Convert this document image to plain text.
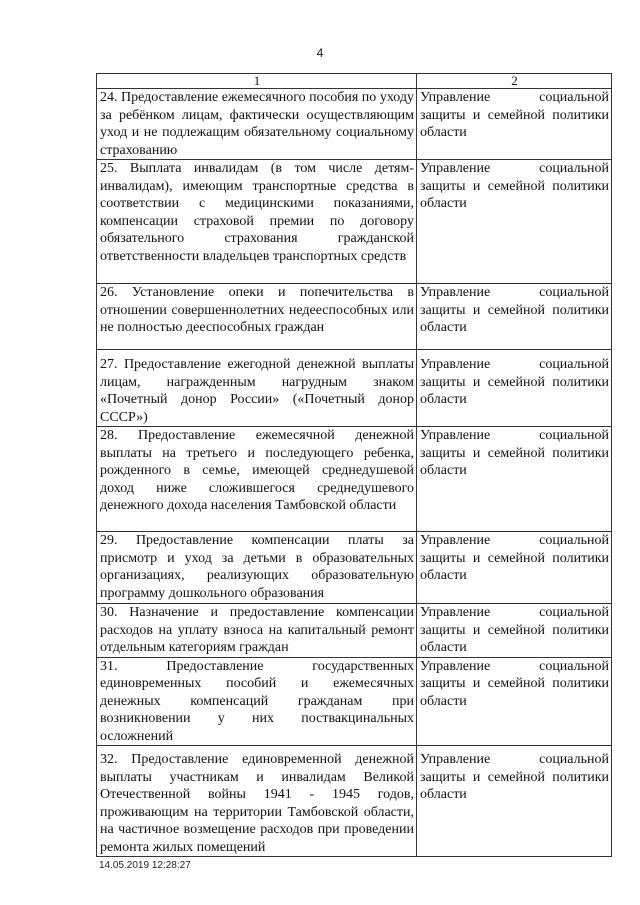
4
1	2
24. Предоставление ежемесячного пособия по уходу за ребёнком лицам, фактически осуществляющим уход и не подлежащим обязательному социальному страхованию	Управление социальной защиты и семейной политики области
25. Выплата инвалидам (в том числе детям-инвалидам), имеющим транспортные средства в соответствии с медицинскими показаниями, компенсации страховой премии по договору обязательного страхования гражданской ответственности владельцев транспортных средств	Управление социальной защиты и семейной политики области
26. Установление опеки и попечительства в отношении совершеннолетних недееспособных или не полностью дееспособных граждан	Управление социальной защиты и семейной политики области
27. Предоставление ежегодной денежной выплаты лицам, награжденным нагрудным знаком «Почетный донор России» («Почетный донор СССР»)	Управление социальной защиты и семейной политики области
28. Предоставление ежемесячной денежной выплаты на третьего и последующего ребенка, рожденного в семье, имеющей среднедушевой доход ниже сложившегося среднедушевого денежного дохода населения Тамбовской области	Управление социальной защиты и семейной политики области
29. Предоставление компенсации платы за присмотр и уход за детьми в образовательных организациях, реализующих образовательную программу дошкольного образования	Управление социальной защиты и семейной политики области
30. Назначение и предоставление компенсации расходов на уплату взноса на капитальный ремонт отдельным категориям граждан	Управление социальной защиты и семейной политики области
31. Предоставление государственных единовременных пособий и ежемесячных денежных компенсаций гражданам при возникновении у них поствакцинальных осложнений	Управление социальной защиты и семейной политики области
32. Предоставление единовременной денежной выплаты участникам и инвалидам Великой Отечественной войны 1941 - 1945 годов, проживающим на территории Тамбовской области, на частичное возмещение расходов при проведении ремонта жилых помещений	Управление социальной защиты и семейной политики области
14.05.2019 12:28:27
